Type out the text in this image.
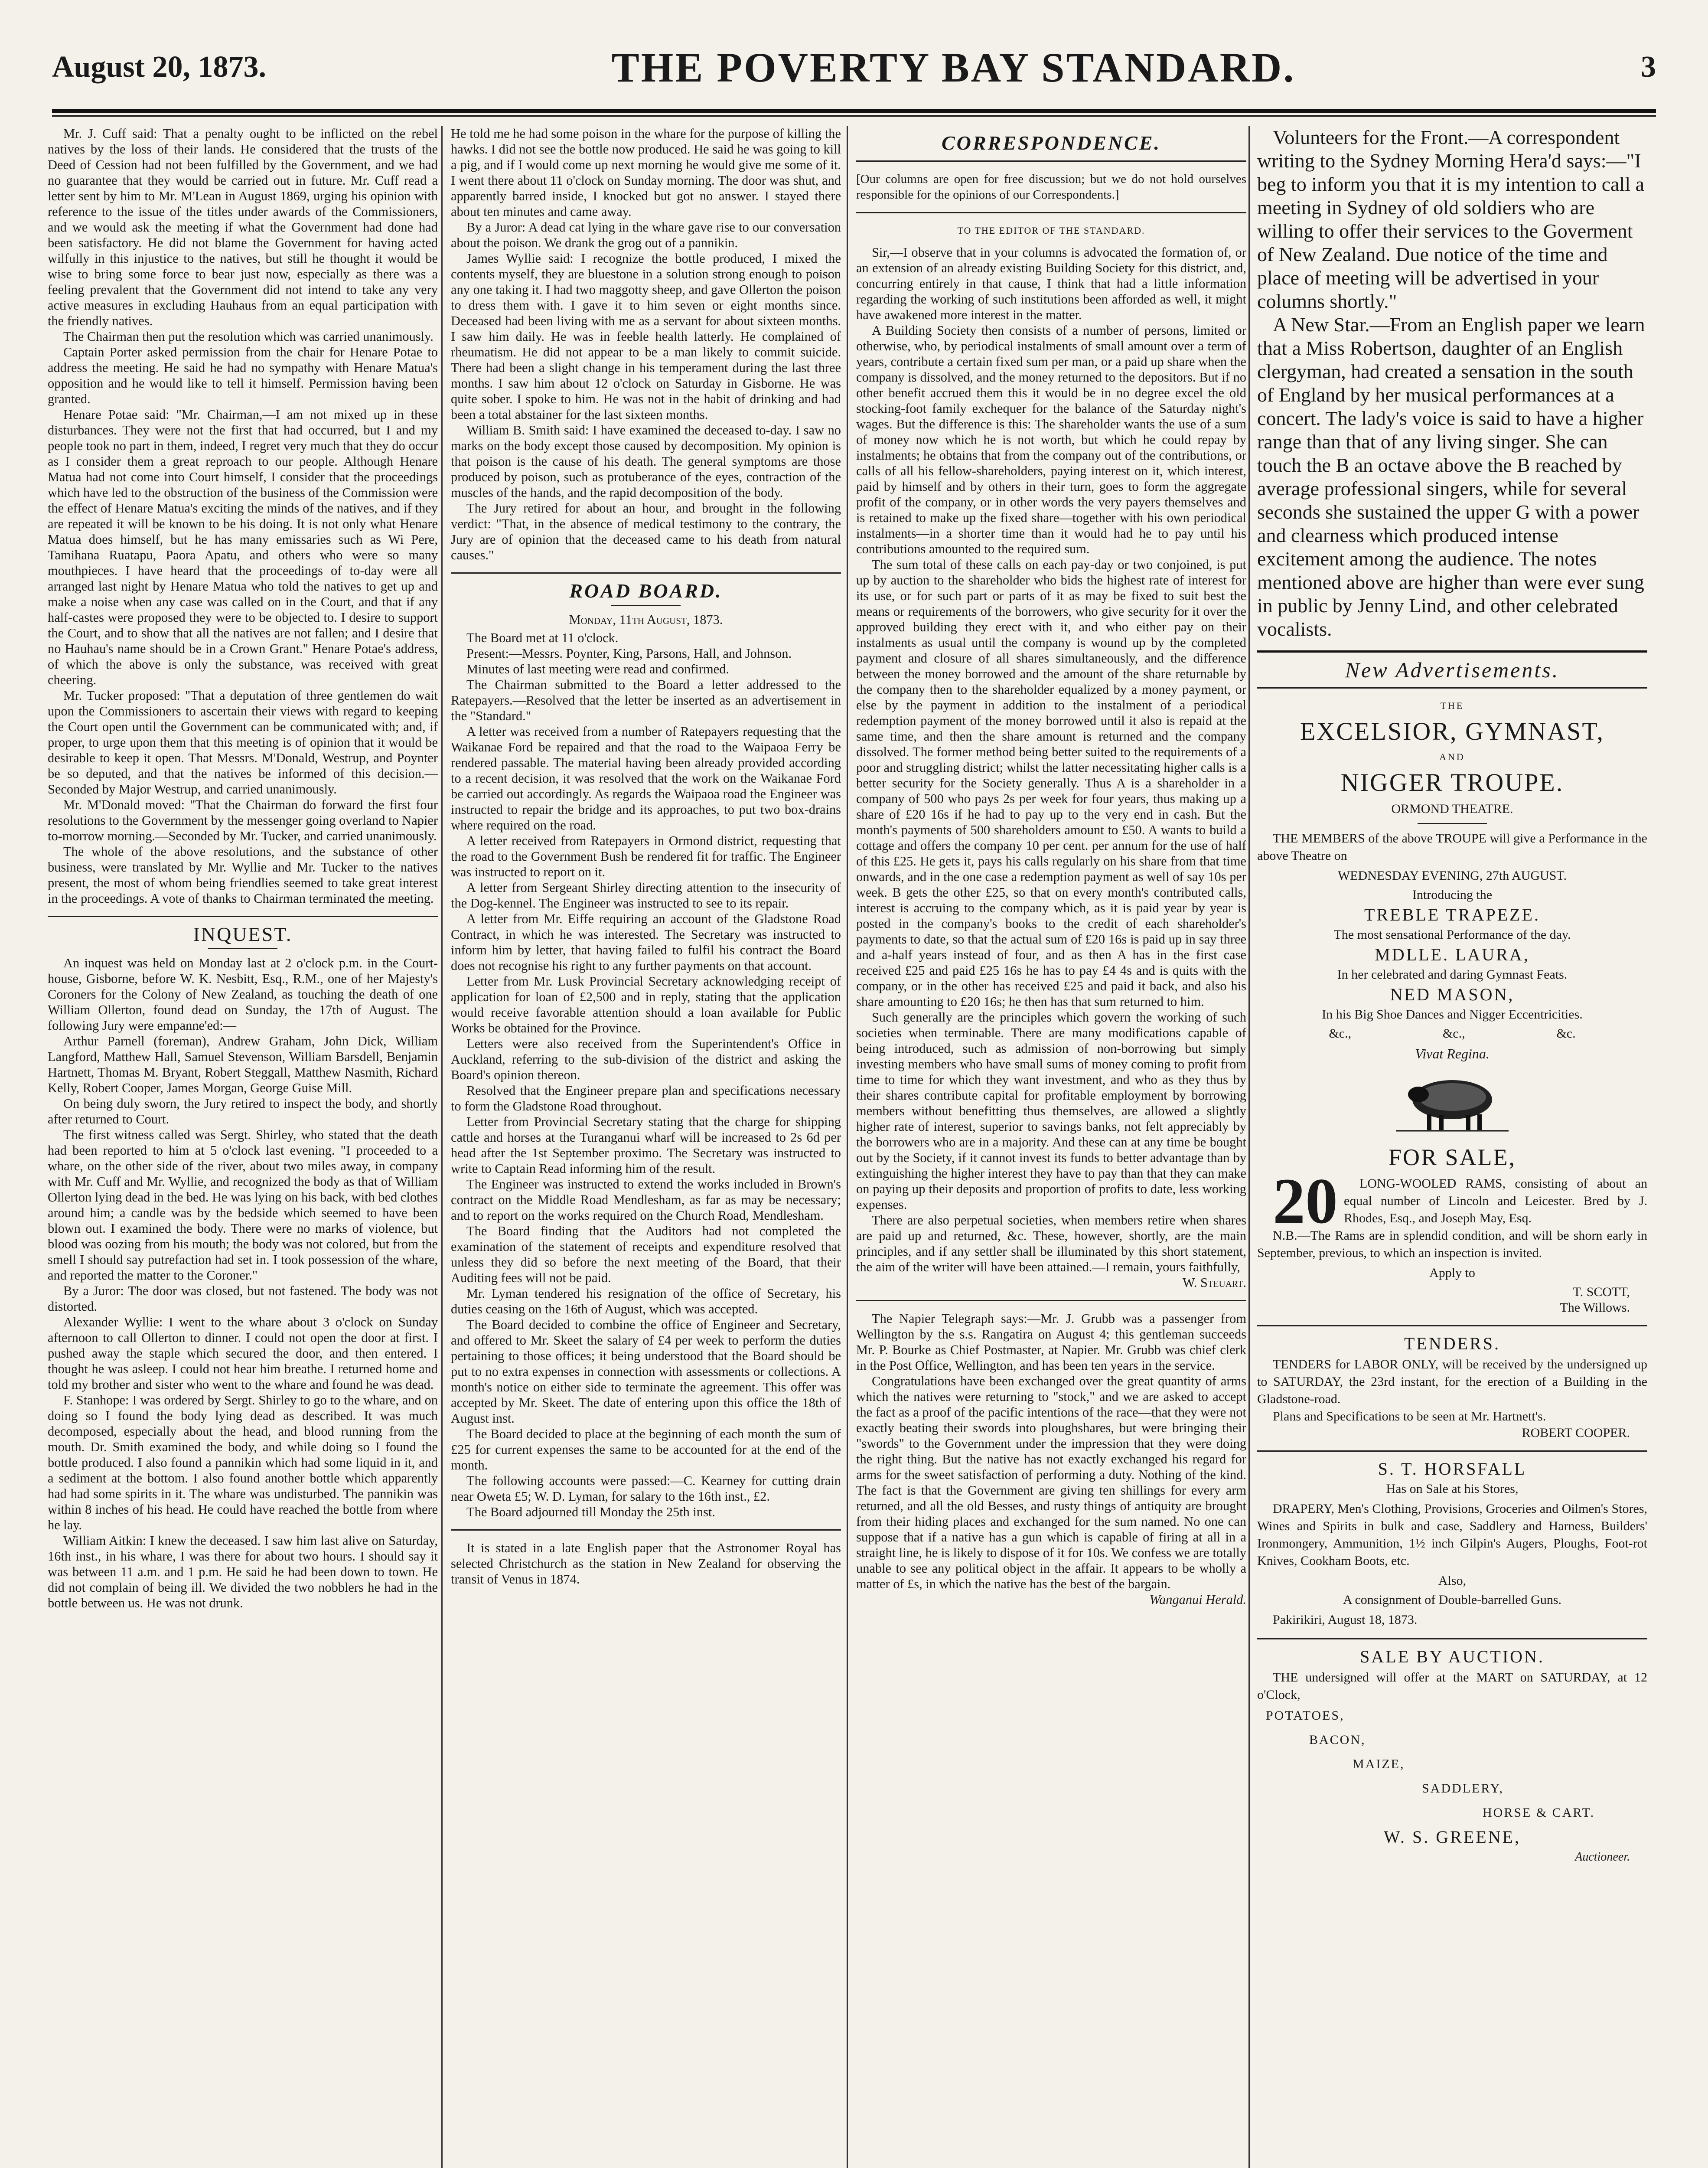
August 20, 1873.	THE POVERTY BAY STANDARD.	3

Mr. J. Cuff said: That a penalty ought to be inflicted on the rebel natives by the loss of their lands. He considered that the trusts of the Deed of Cession had not been fulfilled by the Government, and we had no guarantee that they would be carried out in future. Mr. Cuff read a letter sent by him to Mr. M'Lean in August 1869, urging his opinion with reference to the issue of the titles under awards of the Commissioners, and we would ask the meeting if what the Government had done had been satisfactory. He did not blame the Government for having acted wilfully in this injustice to the natives, but still he thought it would be wise to bring some force to bear just now, especially as there was a feeling prevalent that the Government did not intend to take any very active measures in excluding Hauhaus from an equal participation with the friendly natives.

The Chairman then put the resolution which was carried unanimously.

Captain Porter asked permission from the chair for Henare Potae to address the meeting. He said he had no sympathy with Henare Matua's opposition and he would like to tell it himself. Permission having been granted.

Henare Potae said: "Mr. Chairman,—I am not mixed up in these disturbances. They were not the first that had occurred, but I and my people took no part in them, indeed, I regret very much that they do occur as I consider them a great reproach to our people. Although Henare Matua had not come into Court himself, I consider that the proceedings which have led to the obstruction of the business of the Commission were the effect of Henare Matua's exciting the minds of the natives, and if they are repeated it will be known to be his doing. It is not only what Henare Matua does himself, but he has many emissaries such as Wi Pere, Tamihana Ruatapu, Paora Apatu, and others who were so many mouthpieces. I have heard that the proceedings of to-day were all arranged last night by Henare Matua who told the natives to get up and make a noise when any case was called on in the Court, and that if any half-castes were proposed they were to be objected to. I desire to support the Court, and to show that all the natives are not fallen; and I desire that no Hauhau's name should be in a Crown Grant." Henare Potae's address, of which the above is only the substance, was received with great cheering.

Mr. Tucker proposed: "That a deputation of three gentlemen do wait upon the Commissioners to ascertain their views with regard to keeping the Court open until the Government can be communicated with; and, if proper, to urge upon them that this meeting is of opinion that it would be desirable to keep it open. That Messrs. M'Donald, Westrup, and Poynter be so deputed, and that the natives be informed of this decision.—Seconded by Major Westrup, and carried unanimously.

Mr. M'Donald moved: "That the Chairman do forward the first four resolutions to the Government by the messenger going overland to Napier to-morrow morning.—Seconded by Mr. Tucker, and carried unanimously.

The whole of the above resolutions, and the substance of other business, were translated by Mr. Wyllie and Mr. Tucker to the natives present, the most of whom being friendlies seemed to take great interest in the proceedings. A vote of thanks to Chairman terminated the meeting.

INQUEST.

An inquest was held on Monday last at 2 o'clock p.m. in the Court-house, Gisborne, before W. K. Nesbitt, Esq., R.M., one of her Majesty's Coroners for the Colony of New Zealand, as touching the death of one William Ollerton, found dead on Sunday, the 17th of August. The following Jury were empanne'ed:—

Arthur Parnell (foreman), Andrew Graham, John Dick, William Langford, Matthew Hall, Samuel Stevenson, William Barsdell, Benjamin Hartnett, Thomas M. Bryant, Robert Steggall, Matthew Nasmith, Richard Kelly, Robert Cooper, James Morgan, George Guise Mill.

On being duly sworn, the Jury retired to inspect the body, and shortly after returned to Court.

The first witness called was Sergt. Shirley, who stated that the death had been reported to him at 5 o'clock last evening. "I proceeded to a whare, on the other side of the river, about two miles away, in company with Mr. Cuff and Mr. Wyllie, and recognized the body as that of William Ollerton lying dead in the bed. He was lying on his back, with bed clothes around him; a candle was by the bedside which seemed to have been blown out. I examined the body. There were no marks of violence, but blood was oozing from his mouth; the body was not colored, but from the smell I should say putrefaction had set in. I took possession of the whare, and reported the matter to the Coroner."

By a Juror: The door was closed, but not fastened. The body was not distorted.

Alexander Wyllie: I went to the whare about 3 o'clock on Sunday afternoon to call Ollerton to dinner. I could not open the door at first. I pushed away the staple which secured the door, and then entered. I thought he was asleep. I could not hear him breathe. I returned home and told my brother and sister who went to the whare and found he was dead.

F. Stanhope: I was ordered by Sergt. Shirley to go to the whare, and on doing so I found the body lying dead as described. It was much decomposed, especially about the head, and blood running from the mouth. Dr. Smith examined the body, and while doing so I found the bottle produced. I also found a pannikin which had some liquid in it, and a sediment at the bottom. I also found another bottle which apparently had had some spirits in it. The whare was undisturbed. The pannikin was within 8 inches of his head. He could have reached the bottle from where he lay.

William Aitkin: I knew the deceased. I saw him last alive on Saturday, 16th inst., in his whare, I was there for about two hours. I should say it was between 11 a.m. and 1 p.m. He said he had been down to town. He did not complain of being ill. We divided the two nobblers he had in the bottle between us. He was not drunk.

He told me he had some poison in the whare for the purpose of killing the hawks. I did not see the bottle now produced. He said he was going to kill a pig, and if I would come up next morning he would give me some of it. I went there about 11 o'clock on Sunday morning. The door was shut, and apparently barred inside, I knocked but got no answer. I stayed there about ten minutes and came away.

By a Juror: A dead cat lying in the whare gave rise to our conversation about the poison. We drank the grog out of a pannikin.

James Wyllie said: I recognize the bottle produced, I mixed the contents myself, they are bluestone in a solution strong enough to poison any one taking it. I had two maggotty sheep, and gave Ollerton the poison to dress them with. I gave it to him seven or eight months since. Deceased had been living with me as a servant for about sixteen months. I saw him daily. He was in feeble health latterly. He complained of rheumatism. He did not appear to be a man likely to commit suicide. There had been a slight change in his temperament during the last three months. I saw him about 12 o'clock on Saturday in Gisborne. He was quite sober. I spoke to him. He was not in the habit of drinking and had been a total abstainer for the last sixteen months.

William B. Smith said: I have examined the deceased to-day. I saw no marks on the body except those caused by decomposition. My opinion is that poison is the cause of his death. The general symptoms are those produced by poison, such as protuberance of the eyes, contraction of the muscles of the hands, and the rapid decomposition of the body.

The Jury retired for about an hour, and brought in the following verdict: "That, in the absence of medical testimony to the contrary, the Jury are of opinion that the deceased came to his death from natural causes."

ROAD BOARD.
Monday, 11th August, 1873.

The Board met at 11 o'clock.

Present:—Messrs. Poynter, King, Parsons, Hall, and Johnson.

Minutes of last meeting were read and confirmed.

The Chairman submitted to the Board a letter addressed to the Ratepayers.—Resolved that the letter be inserted as an advertisement in the "Standard."

A letter was received from a number of Ratepayers requesting that the Waikanae Ford be repaired and that the road to the Waipaoa Ferry be rendered passable. The material having been already provided according to a recent decision, it was resolved that the work on the Waikanae Ford be carried out accordingly. As regards the Waipaoa road the Engineer was instructed to repair the bridge and its approaches, to put two box-drains where required on the road.

A letter received from Ratepayers in Ormond district, requesting that the road to the Government Bush be rendered fit for traffic. The Engineer was instructed to report on it.

A letter from Sergeant Shirley directing attention to the insecurity of the Dog-kennel. The Engineer was instructed to see to its repair.

A letter from Mr. Eiffe requiring an account of the Gladstone Road Contract, in which he was interested. The Secretary was instructed to inform him by letter, that having failed to fulfil his contract the Board does not recognise his right to any further payments on that account.

Letter from Mr. Lusk Provincial Secretary acknowledging receipt of application for loan of £2,500 and in reply, stating that the application would receive favorable attention should a loan available for Public Works be obtained for the Province.

Letters were also received from the Superintendent's Office in Auckland, referring to the sub-division of the district and asking the Board's opinion thereon.

Resolved that the Engineer prepare plan and specifications necessary to form the Gladstone Road throughout.

Letter from Provincial Secretary stating that the charge for shipping cattle and horses at the Turanganui wharf will be increased to 2s 6d per head after the 1st September proximo. The Secretary was instructed to write to Captain Read informing him of the result.

The Engineer was instructed to extend the works included in Brown's contract on the Middle Road Mendlesham, as far as may be necessary; and to report on the works required on the Church Road, Mendlesham.

The Board finding that the Auditors had not completed the examination of the statement of receipts and expenditure resolved that unless they did so before the next meeting of the Board, that their Auditing fees will not be paid.

Mr. Lyman tendered his resignation of the office of Secretary, his duties ceasing on the 16th of August, which was accepted.

The Board decided to combine the office of Engineer and Secretary, and offered to Mr. Skeet the salary of £4 per week to perform the duties pertaining to those offices; it being understood that the Board should be put to no extra expenses in connection with assessments or collections. A month's notice on either side to terminate the agreement. This offer was accepted by Mr. Skeet. The date of entering upon this office the 18th of August inst.

The Board decided to place at the beginning of each month the sum of £25 for current expenses the same to be accounted for at the end of the month.

The following accounts were passed:—C. Kearney for cutting drain near Oweta £5; W. D. Lyman, for salary to the 16th inst., £2.

The Board adjourned till Monday the 25th inst.

It is stated in a late English paper that the Astronomer Royal has selected Christchurch as the station in New Zealand for observing the transit of Venus in 1874.

CORRESPONDENCE.
[Our columns are open for free discussion; but we do not hold ourselves responsible for the opinions of our Correspondents.]
TO THE EDITOR OF THE STANDARD.

Sir,—I observe that in your columns is advocated the formation of, or an extension of an already existing Building Society for this district, and, concurring entirely in that cause, I think that had a little information regarding the working of such institutions been afforded as well, it might have awakened more interest in the matter.

A Building Society then consists of a number of persons, limited or otherwise, who, by periodical instalments of small amount over a term of years, contribute a certain fixed sum per man, or a paid up share when the company is dissolved, and the money returned to the depositors. But if no other benefit accrued them this it would be in no degree excel the old stocking-foot family exchequer for the balance of the Saturday night's wages. But the difference is this: The shareholder wants the use of a sum of money now which he is not worth, but which he could repay by instalments; he obtains that from the company out of the contributions, or calls of all his fellow-shareholders, paying interest on it, which interest, paid by himself and by others in their turn, goes to form the aggregate profit of the company, or in other words the very payers themselves and is retained to make up the fixed share—together with his own periodical instalments—in a shorter time than it would had he to pay until his contributions amounted to the required sum.

The sum total of these calls on each pay-day or two conjoined, is put up by auction to the shareholder who bids the highest rate of interest for its use, or for such part or parts of it as may be fixed to suit best the means or requirements of the borrowers, who give security for it over the approved building they erect with it, and who either pay on their instalments as usual until the company is wound up by the completed payment and closure of all shares simultaneously, and the difference between the money borrowed and the amount of the share returnable by the company then to the shareholder equalized by a money payment, or else by the payment in addition to the instalment of a periodical redemption payment of the money borrowed until it also is repaid at the same time, and then the share amount is returned and the company dissolved. The former method being better suited to the requirements of a poor and struggling district; whilst the latter necessitating higher calls is a better security for the Society generally. Thus A is a shareholder in a company of 500 who pays 2s per week for four years, thus making up a share of £20 16s if he had to pay up to the very end in cash. But the month's payments of 500 shareholders amount to £50. A wants to build a cottage and offers the company 10 per cent. per annum for the use of half of this £25. He gets it, pays his calls regularly on his share from that time onwards, and in the one case a redemption payment as well of say 10s per week. B gets the other £25, so that on every month's contributed calls, interest is accruing to the company which, as it is paid year by year is posted in the company's books to the credit of each shareholder's payments to date, so that the actual sum of £20 16s is paid up in say three and a-half years instead of four, and as then A has in the first case received £25 and paid £25 16s he has to pay £4 4s and is quits with the company, or in the other has received £25 and paid it back, and also his share amounting to £20 16s; he then has that sum returned to him.

Such generally are the principles which govern the working of such societies when terminable. There are many modifications capable of being introduced, such as admission of non-borrowing but simply investing members who have small sums of money coming to profit from time to time for which they want investment, and who as they thus by their shares contribute capital for profitable employment by borrowing members without benefitting thus themselves, are allowed a slightly higher rate of interest, superior to savings banks, not felt appreciably by the borrowers who are in a majority. And these can at any time be bought out by the Society, if it cannot invest its funds to better advantage than by extinguishing the higher interest they have to pay than that they can make on paying up their deposits and proportion of profits to date, less working expenses.

There are also perpetual societies, when members retire when shares are paid up and returned, &c. These, however, shortly, are the main principles, and if any settler shall be illuminated by this short statement, the aim of the writer will have been attained.—I remain, yours faithfully,

W. Steuart.

The Napier Telegraph says:—Mr. J. Grubb was a passenger from Wellington by the s.s. Rangatira on August 4; this gentleman succeeds Mr. P. Bourke as Chief Postmaster, at Napier. Mr. Grubb was chief clerk in the Post Office, Wellington, and has been ten years in the service.

Congratulations have been exchanged over the great quantity of arms which the natives were returning to "stock," and we are asked to accept the fact as a proof of the pacific intentions of the race—that they were not exactly beating their swords into ploughshares, but were bringing their "swords" to the Government under the impression that they were doing the right thing. But the native has not exactly exchanged his regard for arms for the sweet satisfaction of performing a duty. Nothing of the kind. The fact is that the Government are giving ten shillings for every arm returned, and all the old Besses, and rusty things of antiquity are brought from their hiding places and exchanged for the sum named. No one can suppose that if a native has a gun which is capable of firing at all in a straight line, he is likely to dispose of it for 10s. We confess we are totally unable to see any political object in the affair. It appears to be wholly a matter of £s, in which the native has the best of the bargain.

Wanganui Herald.

Volunteers for the Front.—A correspondent writing to the Sydney Morning Hera'd says:—"I beg to inform you that it is my intention to call a meeting in Sydney of old soldiers who are willing to offer their services to the Goverment of New Zealand. Due notice of the time and place of meeting will be advertised in your columns shortly."

A New Star.—From an English paper we learn that a Miss Robertson, daughter of an English clergyman, had created a sensation in the south of England by her musical performances at a concert. The lady's voice is said to have a higher range than that of any living singer. She can touch the B an octave above the B reached by average professional singers, while for several seconds she sustained the upper G with a power and clearness which produced intense excitement among the audience. The notes mentioned above are higher than were ever sung in public by Jenny Lind, and other celebrated vocalists.

New Advertisements.
THE
EXCELSIOR, GYMNAST,
AND
NIGGER TROUPE.
ORMOND THEATRE.

THE MEMBERS of the above TROUPE will give a Performance in the above Theatre on

WEDNESDAY EVENING, 27th AUGUST.
Introducing the
TREBLE TRAPEZE.
The most sensational Performance of the day.
MDLLE. LAURA,
In her celebrated and daring Gymnast Feats.
NED MASON,
In his Big Shoe Dances and Nigger Eccentricities.
&c.,	&c.,	&c.
Vivat Regina.
FOR SALE,

20 LONG-WOOLED RAMS, consisting of about an equal number of Lincoln and Leicester. Bred by J. Rhodes, Esq., and Joseph May, Esq.

N.B.—The Rams are in splendid condition, and will be shorn early in September, previous, to which an inspection is invited.

Apply to
T. SCOTT,
The Willows.
TENDERS.

TENDERS for LABOR ONLY, will be received by the undersigned up to SATURDAY, the 23rd instant, for the erection of a Building in the Gladstone-road.

Plans and Specifications to be seen at Mr. Hartnett's.

ROBERT COOPER.
S. T. HORSFALL
Has on Sale at his Stores,

DRAPERY, Men's Clothing, Provisions, Groceries and Oilmen's Stores, Wines and Spirits in bulk and case, Saddlery and Harness, Builders' Ironmongery, Ammunition, 1½ inch Gilpin's Augers, Ploughs, Foot-rot Knives, Cookham Boots, etc.

Also,
A consignment of Double-barrelled Guns.

Pakirikiri, August 18, 1873.

SALE BY AUCTION.

THE undersigned will offer at the MART on SATURDAY, at 12 o'Clock,

POTATOES,
BACON,
MAIZE,
SADDLERY,
HORSE & CART.
W. S. GREENE,
Auctioneer.
